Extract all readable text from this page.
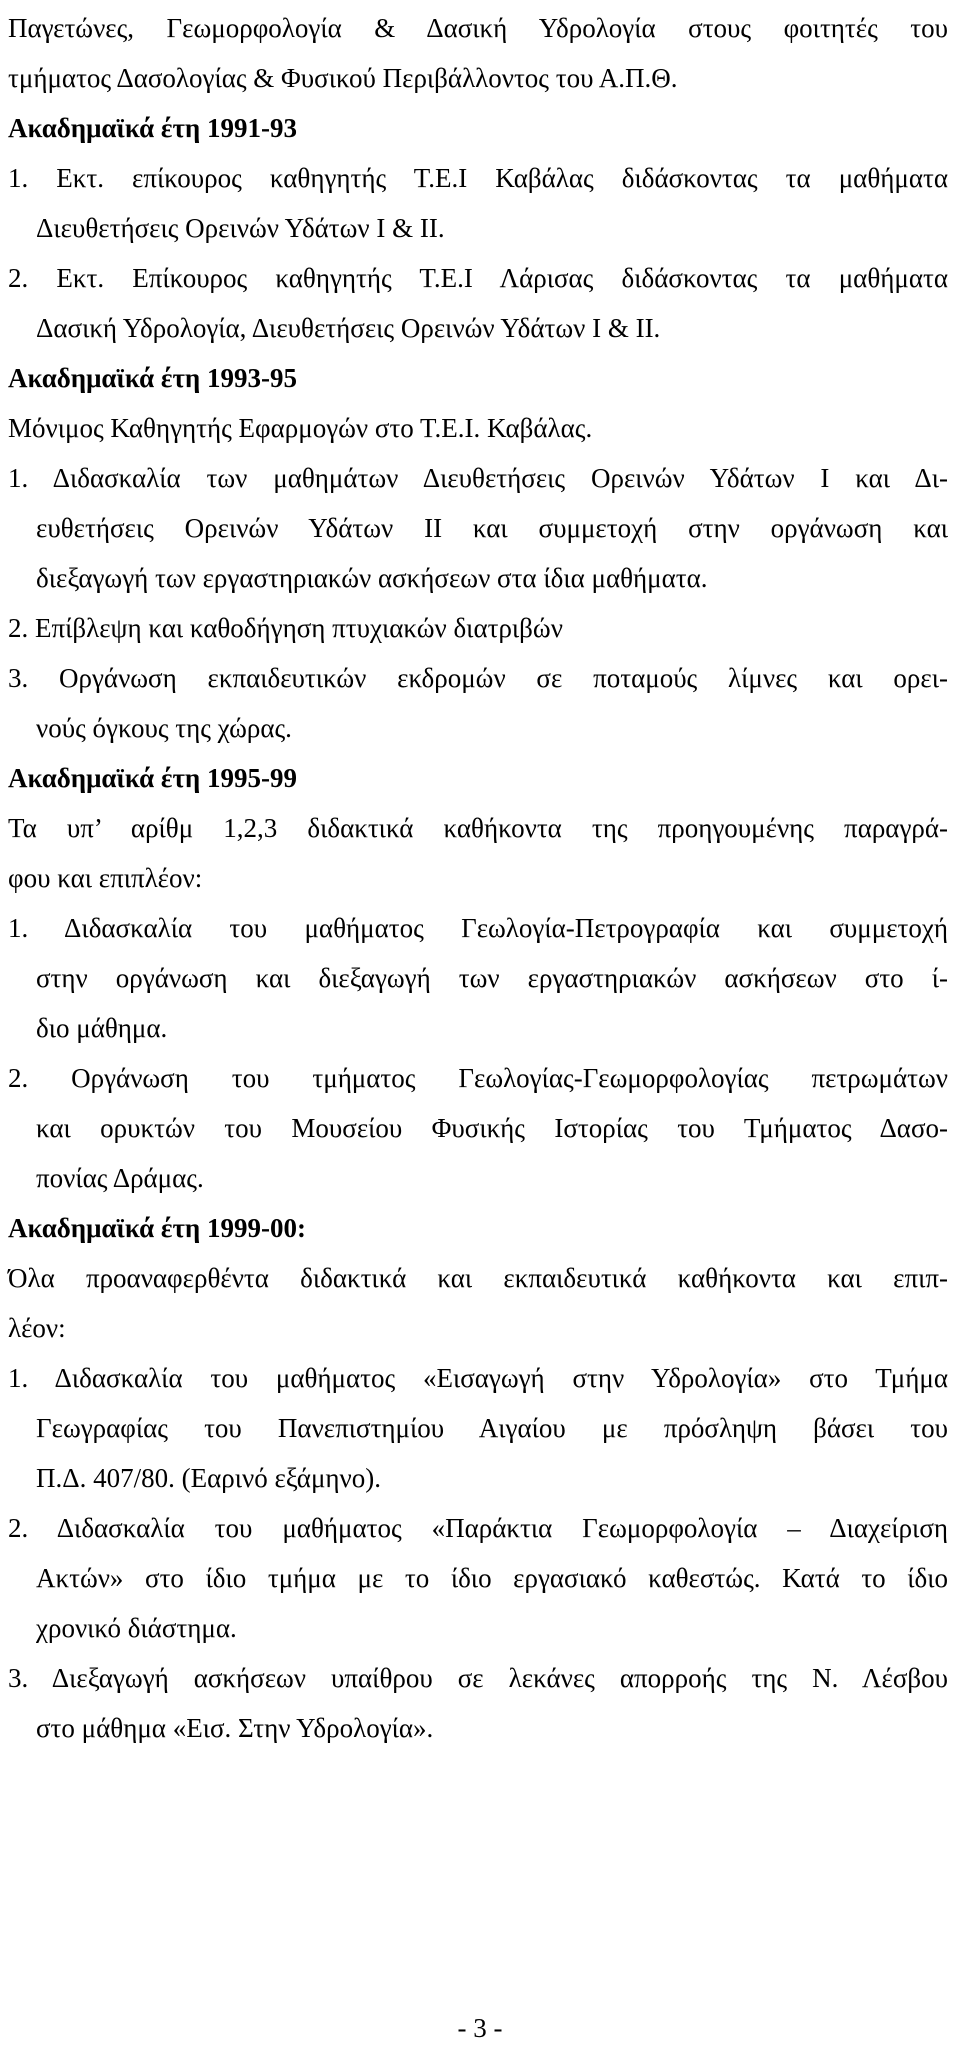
Παγετώνες, Γεωμορφολογία & Δασική Υδρολογία στους φοιτητές του
τμήματος Δασολογίας & Φυσικού Περιβάλλοντος του Α.Π.Θ.
Ακαδημαϊκά έτη 1991-93
1. Εκτ. επίκουρος καθηγητής Τ.Ε.Ι Καβάλας διδάσκοντας τα μαθήματα
Διευθετήσεις Ορεινών Υδάτων Ι & ΙΙ.
2. Εκτ. Επίκουρος καθηγητής Τ.Ε.Ι Λάρισας διδάσκοντας τα μαθήματα
Δασική Υδρολογία, Διευθετήσεις Ορεινών Υδάτων Ι & ΙΙ.
Ακαδημαϊκά έτη 1993-95
Μόνιμος Καθηγητής Εφαρμογών στο Τ.Ε.Ι. Καβάλας.
1. Διδασκαλία των μαθημάτων Διευθετήσεις Ορεινών Υδάτων Ι και Δι-
ευθετήσεις Ορεινών Υδάτων ΙΙ και συμμετοχή στην οργάνωση και
διεξαγωγή των εργαστηριακών ασκήσεων στα ίδια μαθήματα.
2. Επίβλεψη και καθοδήγηση πτυχιακών διατριβών
3. Οργάνωση εκπαιδευτικών εκδρομών σε ποταμούς λίμνες και ορει-
νούς όγκους της χώρας.
Ακαδημαϊκά έτη 1995-99
Τα υπ’ αρίθμ 1,2,3 διδακτικά καθήκοντα της προηγουμένης παραγρά-
φου και επιπλέον:
1. Διδασκαλία του μαθήματος Γεωλογία-Πετρογραφία και συμμετοχή
στην οργάνωση και διεξαγωγή των εργαστηριακών ασκήσεων στο ί-
διο μάθημα.
2. Οργάνωση του τμήματος Γεωλογίας-Γεωμορφολογίας πετρωμάτων
και ορυκτών του Μουσείου Φυσικής Ιστορίας του Τμήματος Δασο-
πονίας Δράμας.
Ακαδημαϊκά έτη 1999-00:
Όλα προαναφερθέντα διδακτικά και εκπαιδευτικά καθήκοντα και επιπ-
λέον:
1. Διδασκαλία του μαθήματος «Εισαγωγή στην Υδρολογία» στο Τμήμα
Γεωγραφίας του Πανεπιστημίου Αιγαίου με πρόσληψη βάσει του
Π.Δ. 407/80. (Εαρινό εξάμηνο).
2. Διδασκαλία του μαθήματος «Παράκτια Γεωμορφολογία – Διαχείριση
Ακτών» στο ίδιο τμήμα με το ίδιο εργασιακό καθεστώς. Κατά το ίδιο
χρονικό διάστημα.
3. Διεξαγωγή ασκήσεων υπαίθρου σε λεκάνες απορροής της Ν. Λέσβου
στο μάθημα «Εισ. Στην Υδρολογία».
- 3 -
